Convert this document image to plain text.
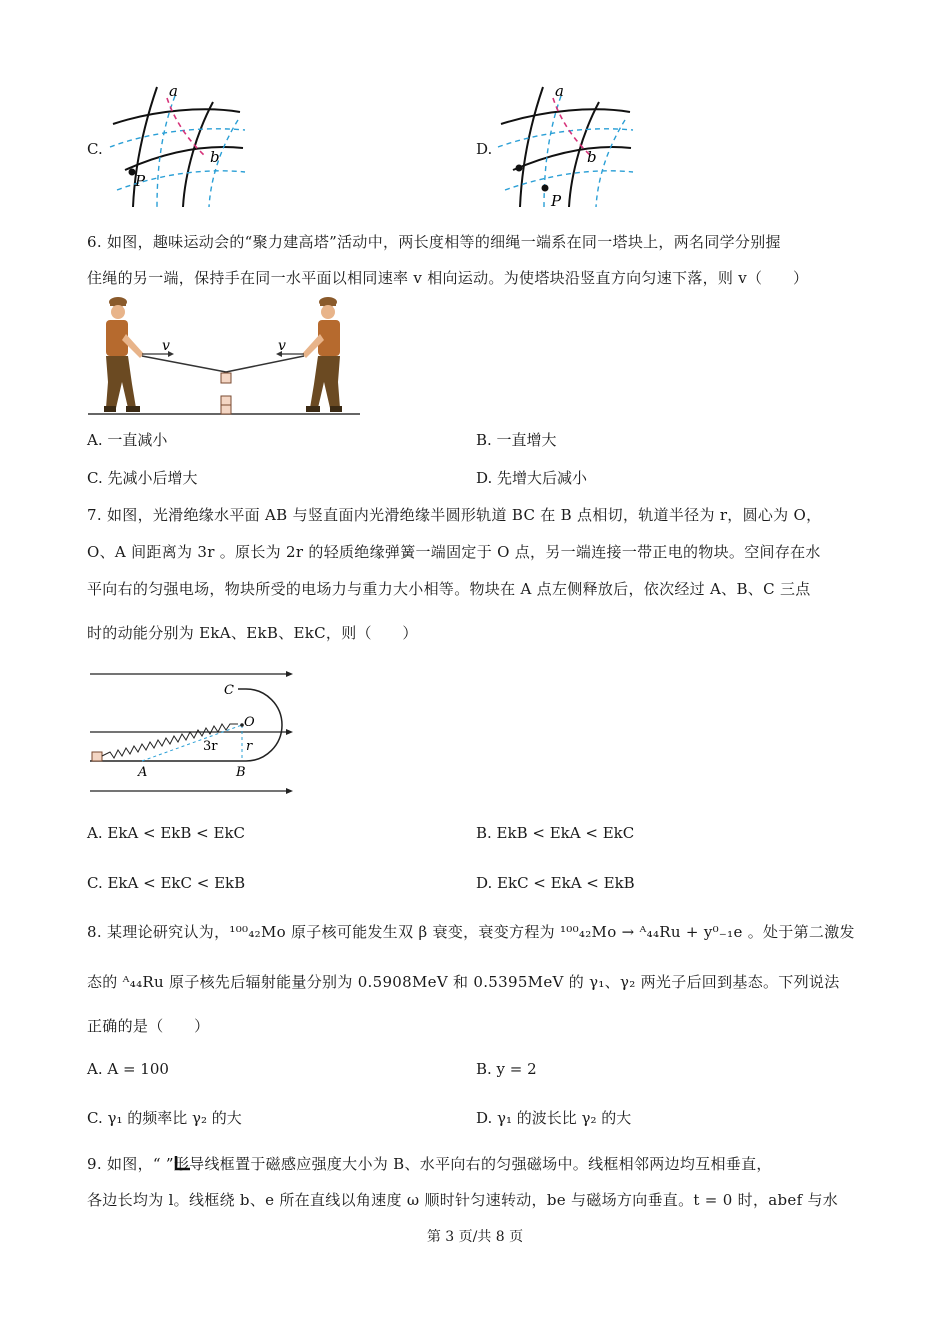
C.
a
b
P
D.
a
b
P
6. 如图，趣味运动会的“聚力建高塔”活动中，两长度相等的细绳一端系在同一塔块上，两名同学分别握
住绳的另一端，保持手在同一水平面以相同速率 v 相向运动。为使塔块沿竖直方向匀速下落，则 v（　　）
v	v
A. 一直减小	B. 一直增大
C. 先减小后增大	D. 先增大后减小
7. 如图，光滑绝缘水平面 AB 与竖直面内光滑绝缘半圆形轨道 BC 在 B 点相切，轨道半径为 r，圆心为 O，
O、A 间距离为 3r 。原长为 2r 的轻质绝缘弹簧一端固定于 O 点，另一端连接一带正电的物块。空间存在水
平向右的匀强电场，物块所受的电场力与重力大小相等。物块在 A 点左侧释放后，依次经过 A、B、C 三点
时的动能分别为 EkA、EkB、EkC，则（　　）
C
O
3r r
A	B
A. EkA < EkB < EkC	B. EkB < EkA < EkC
C. EkA < EkC < EkB	D. EkC < EkA < EkB
8. 某理论研究认为，¹⁰⁰₄₂Mo 原子核可能发生双 β 衰变，衰变方程为 ¹⁰⁰₄₂Mo → ᴬ₄₄Ru + y⁰₋₁e 。处于第二激发
态的 ᴬ₄₄Ru 原子核先后辐射能量分别为 0.5908MeV 和 0.5395MeV 的 γ₁、γ₂ 两光子后回到基态。下列说法
正确的是（　　）
A. A = 100	B. y = 2
C. γ₁ 的频率比 γ₂ 的大	D. γ₁ 的波长比 γ₂ 的大
9. 如图，“ ”形导线框置于磁感应强度大小为 B、水平向右的匀强磁场中。线框相邻两边均互相垂直，
各边长均为 l。线框绕 b、e 所在直线以角速度 ω 顺时针匀速转动，be 与磁场方向垂直。t = 0 时，abef 与水
第 3 页/共 8 页
